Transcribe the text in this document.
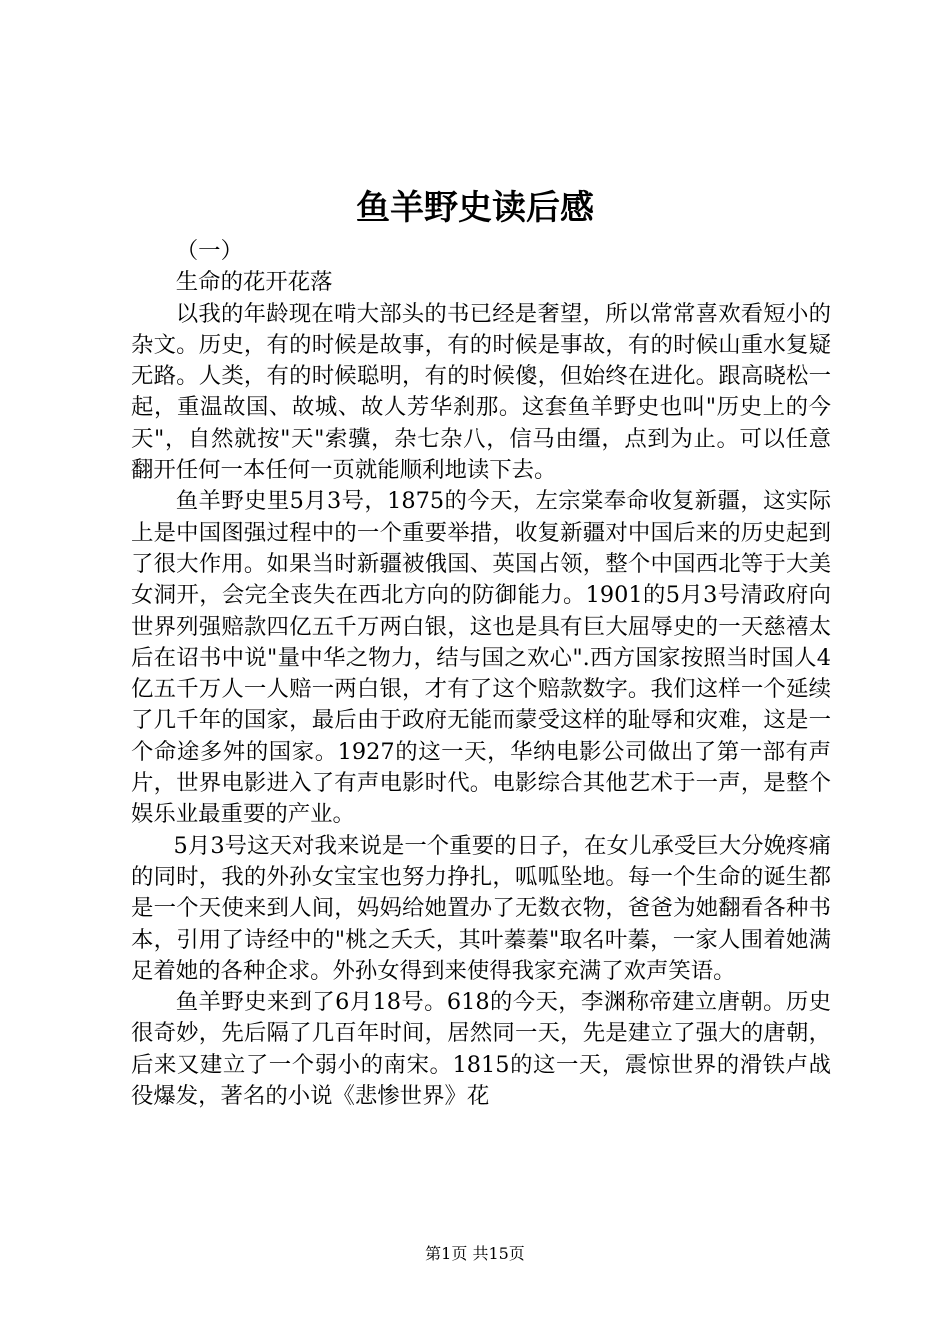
鱼羊野史读后感

（一）

生命的花开花落

以我的年龄现在啃大部头的书已经是奢望，所以常常喜欢看短小的杂文。历史，有的时候是故事，有的时候是事故，有的时候山重水复疑无路。人类，有的时候聪明，有的时候傻，但始终在进化。跟高晓松一起，重温故国、故城、故人芳华刹那。这套鱼羊野史也叫"历史上的今天"，自然就按"天"索骥，杂七杂八，信马由缰，点到为止。可以任意翻开任何一本任何一页就能顺利地读下去。

鱼羊野史里5月3号，1875的今天，左宗棠奉命收复新疆，这实际上是中国图强过程中的一个重要举措，收复新疆对中国后来的历史起到了很大作用。如果当时新疆被俄国、英国占领，整个中国西北等于大美女洞开，会完全丧失在西北方向的防御能力。1901的5月3号清政府向世界列强赔款四亿五千万两白银，这也是具有巨大屈辱史的一天慈禧太后在诏书中说"量中华之物力，结与国之欢心".西方国家按照当时国人4亿五千万人一人赔一两白银，才有了这个赔款数字。我们这样一个延续了几千年的国家，最后由于政府无能而蒙受这样的耻辱和灾难，这是一个命途多舛的国家。1927的这一天，华纳电影公司做出了第一部有声片，世界电影进入了有声电影时代。电影综合其他艺术于一声，是整个娱乐业最重要的产业。

5月3号这天对我来说是一个重要的日子，在女儿承受巨大分娩疼痛的同时，我的外孙女宝宝也努力挣扎，呱呱坠地。每一个生命的诞生都是一个天使来到人间，妈妈给她置办了无数衣物，爸爸为她翻看各种书本，引用了诗经中的"桃之夭夭，其叶蓁蓁"取名叶蓁，一家人围着她满足着她的各种企求。外孙女得到来使得我家充满了欢声笑语。

鱼羊野史来到了6月18号。618的今天，李渊称帝建立唐朝。历史很奇妙，先后隔了几百年时间，居然同一天，先是建立了强大的唐朝，后来又建立了一个弱小的南宋。1815的这一天，震惊世界的滑铁卢战役爆发，著名的小说《悲惨世界》花

第1页 共15页
